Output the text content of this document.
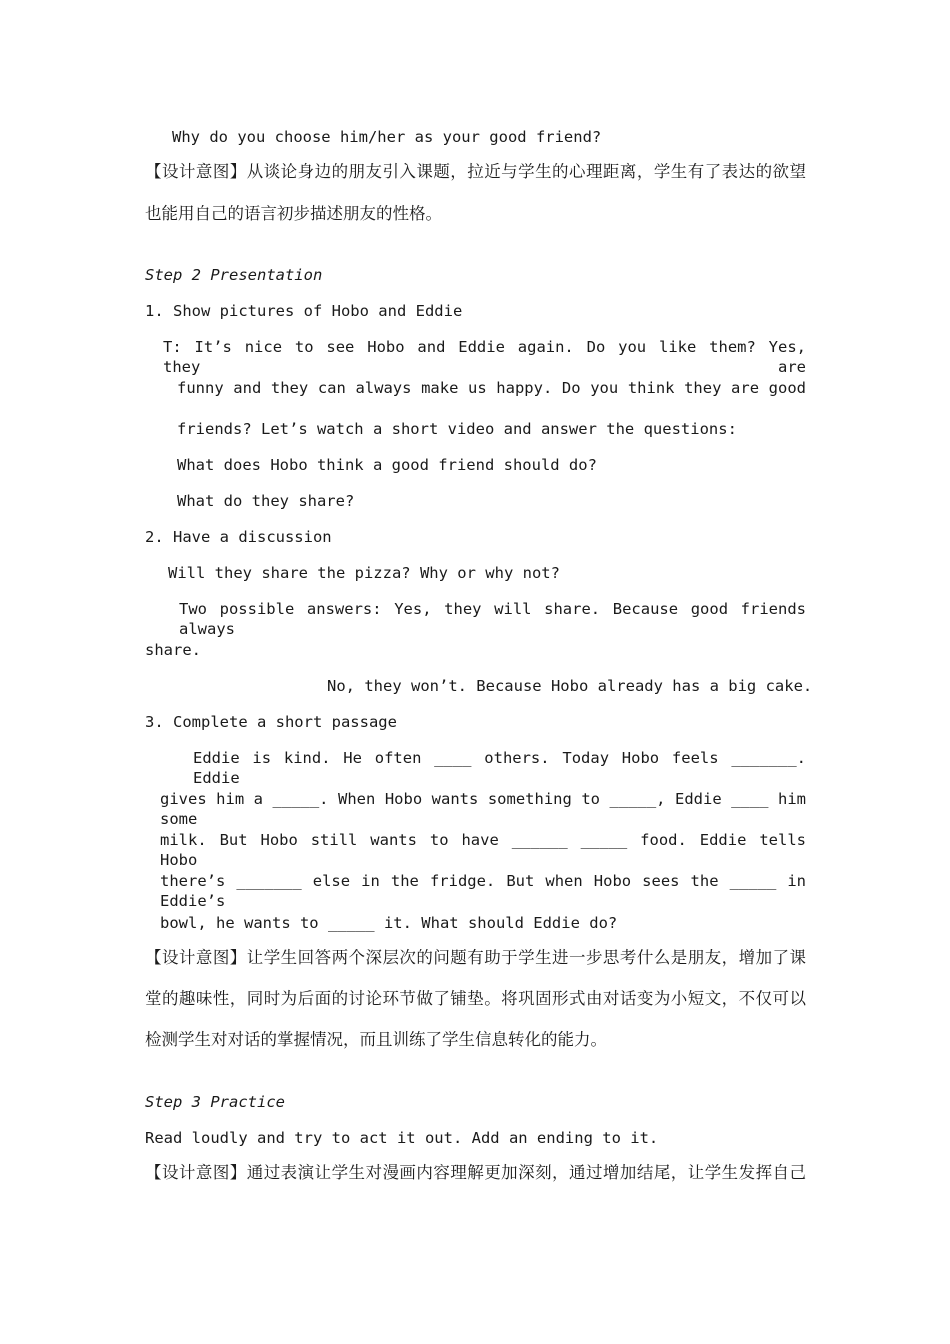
Why do you choose him/her as your good friend?
【设计意图】从谈论身边的朋友引入课题，拉近与学生的心理距离，学生有了表达的欲望
也能用自己的语言初步描述朋友的性格。
Step 2 Presentation
1. Show pictures of Hobo and Eddie
T: It’s nice to see Hobo and Eddie again. Do you like them? Yes, they are
funny and they can always make us happy. Do you think they are good
friends? Let’s watch a short video and answer the questions:
What does Hobo think a good friend should do?
What do they share?
2. Have a discussion
Will they share the pizza? Why or why not?
Two possible answers: Yes, they will share. Because good friends always
share.
No, they won’t. Because Hobo already has a big cake.
3. Complete a short passage
Eddie is kind. He often ____ others. Today Hobo feels _______. Eddie
gives him a _____. When Hobo wants something to _____, Eddie ____ him some
milk. But Hobo still wants to have ______ _____ food. Eddie tells Hobo
there’s _______ else in the fridge. But when Hobo sees the _____ in Eddie’s
bowl, he wants to _____ it. What should Eddie do?
【设计意图】让学生回答两个深层次的问题有助于学生进一步思考什么是朋友，增加了课
堂的趣味性，同时为后面的讨论环节做了铺垫。将巩固形式由对话变为小短文，不仅可以
检测学生对对话的掌握情况，而且训练了学生信息转化的能力。
Step 3 Practice
Read loudly and try to act it out. Add an ending to it.
【设计意图】通过表演让学生对漫画内容理解更加深刻，通过增加结尾，让学生发挥自己
